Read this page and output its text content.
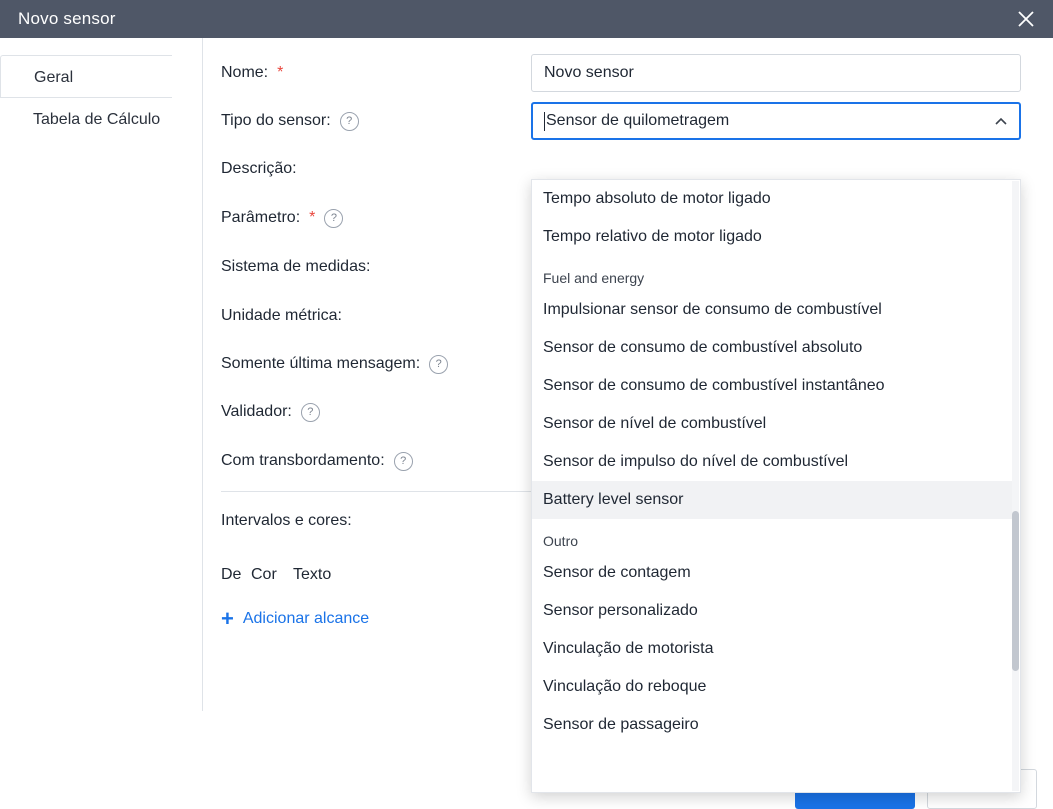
Novo sensor
Geral
Tabela de Cálculo
Nome: *	Novo sensor
Tipo do sensor:	?	Sensor de quilometragem
Descrição:
Parâmetro: *	?
Sistema de medidas:
Unidade métrica:
Somente última mensagem:	?
Validador:	?
Com transbordamento:	?
Intervalos e cores:
De Cor Texto
+ Adicionar alcance
Tempo absoluto de motor ligado
Tempo relativo de motor ligado
Fuel and energy
Impulsionar sensor de consumo de combustível
Sensor de consumo de combustível absoluto
Sensor de consumo de combustível instantâneo
Sensor de nível de combustível
Sensor de impulso do nível de combustível
Battery level sensor
Outro
Sensor de contagem
Sensor personalizado
Vinculação de motorista
Vinculação do reboque
Sensor de passageiro
